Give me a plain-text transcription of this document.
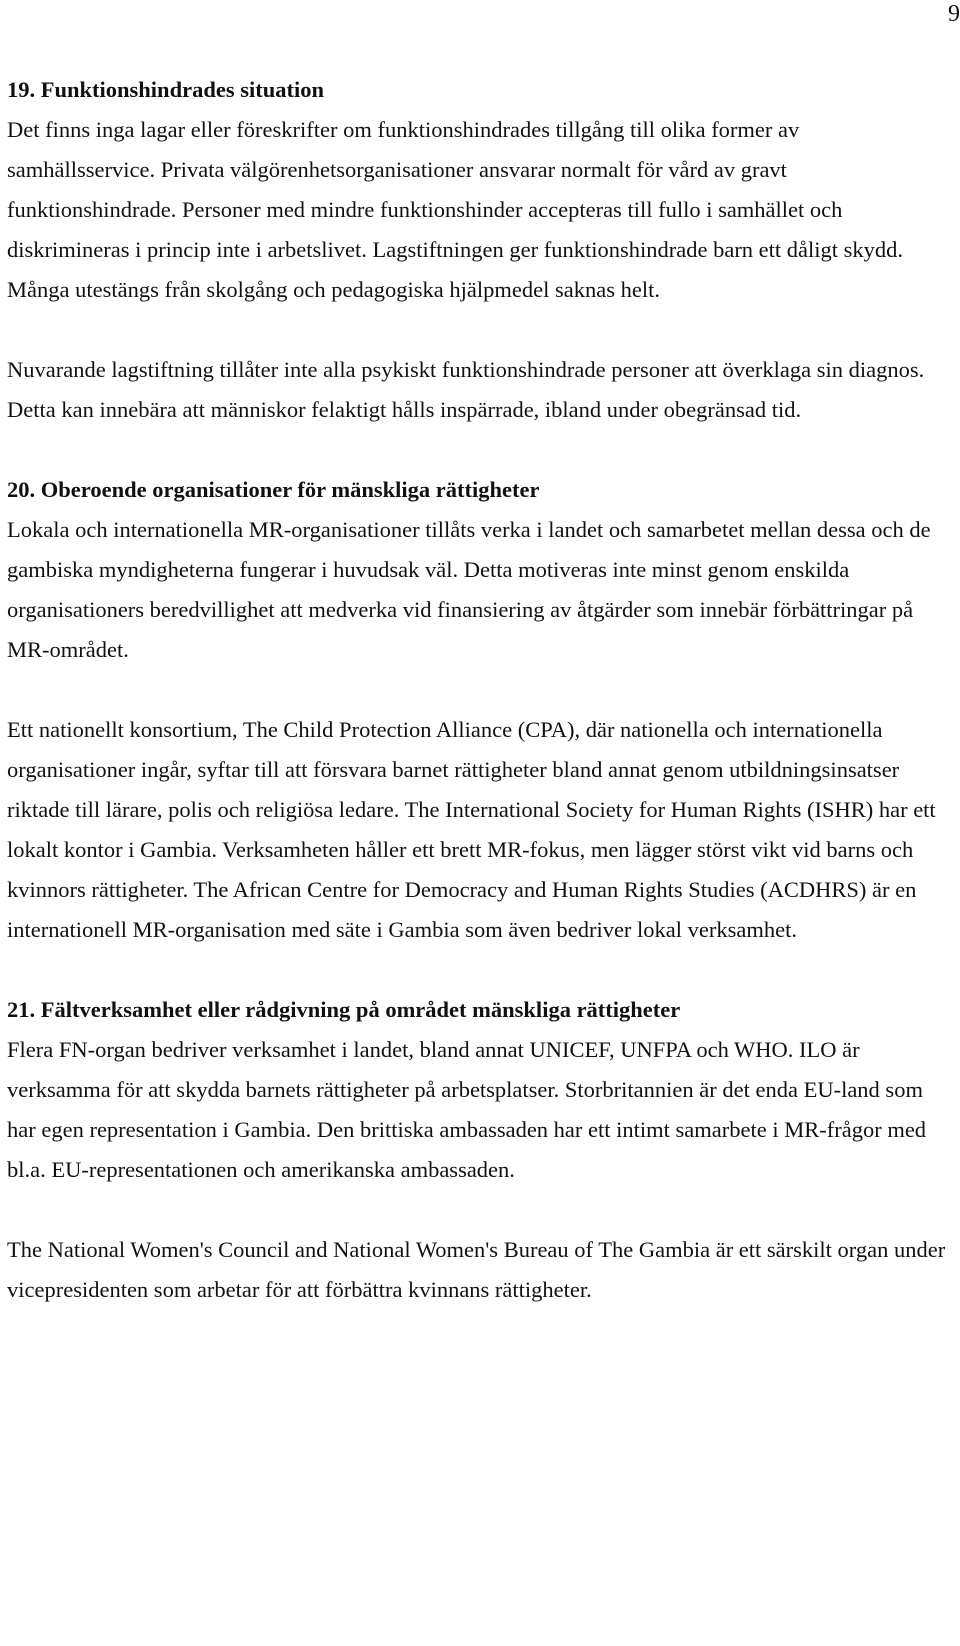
9

19. Funktionshindrades situation

Det finns inga lagar eller föreskrifter om funktionshindrades tillgång till olika former av samhällsservice. Privata välgörenhetsorganisationer ansvarar normalt för vård av gravt funktionshindrade. Personer med mindre funktionshinder accepteras till fullo i samhället och diskrimineras i princip inte i arbetslivet. Lagstiftningen ger funktionshindrade barn ett dåligt skydd. Många utestängs från skolgång och pedagogiska hjälpmedel saknas helt.

Nuvarande lagstiftning tillåter inte alla psykiskt funktionshindrade personer att överklaga sin diagnos. Detta kan innebära att människor felaktigt hålls inspärrade, ibland under obegränsad tid.

20. Oberoende organisationer för mänskliga rättigheter

Lokala och internationella MR-organisationer tillåts verka i landet och samarbetet mellan dessa och de gambiska myndigheterna fungerar i huvudsak väl. Detta motiveras inte minst genom enskilda organisationers beredvillighet att medverka vid finansiering av åtgärder som innebär förbättringar på MR-området.

Ett nationellt konsortium, The Child Protection Alliance (CPA), där nationella och internationella organisationer ingår, syftar till att försvara barnet rättigheter bland annat genom utbildningsinsatser riktade till lärare, polis och religiösa ledare. The International Society for Human Rights (ISHR) har ett lokalt kontor i Gambia. Verksamheten håller ett brett MR-fokus, men lägger störst vikt vid barns och kvinnors rättigheter. The African Centre for Democracy and Human Rights Studies (ACDHRS) är en internationell MR-organisation med säte i Gambia som även bedriver lokal verksamhet.

21. Fältverksamhet eller rådgivning på området mänskliga rättigheter

Flera FN-organ bedriver verksamhet i landet, bland annat UNICEF, UNFPA och WHO. ILO är verksamma för att skydda barnets rättigheter på arbetsplatser. Storbritannien är det enda EU-land som har egen representation i Gambia. Den brittiska ambassaden har ett intimt samarbete i MR-frågor med bl.a. EU-representationen och amerikanska ambassaden.

The National Women's Council and National Women's Bureau of The Gambia är ett särskilt organ under vicepresidenten som arbetar för att förbättra kvinnans rättigheter.
